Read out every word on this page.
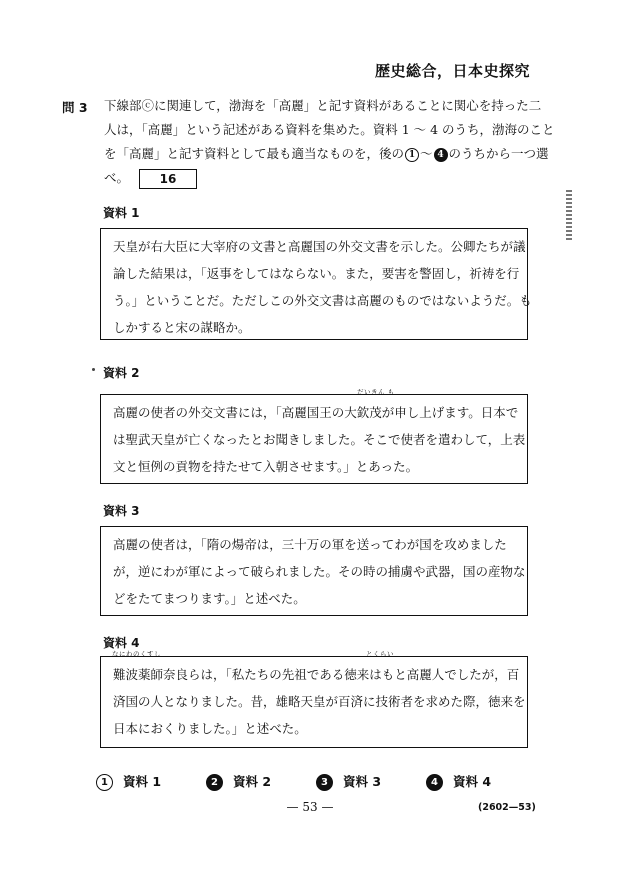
歴史総合，日本史探究
問 3 下線部ⓒに関連して，渤海を「高麗」と記す資料があることに関心を持った二
人は，「高麗」という記述がある資料を集めた。資料 1 〜 4 のうち，渤海のこと
を「高麗」と記す資料として最も適当なものを，後の 1 〜 4 のうちから一つ選
べ。	16
資料 1
天皇が右大臣に大宰府の文書と高麗国の外交文書を示した。公卿たちが議
論した結果は，「返事をしてはならない。また，要害を警固し，祈祷を行
う。」ということだ。ただしこの外交文書は高麗のものではないようだ。も
しかすると宋の謀略か。
資料 2
だいきん も
高麗の使者の外交文書には，「高麗国王の大欽茂が申し上げます。日本で
は聖武天皇が亡くなったとお聞きしました。そこで使者を遣わして，上表
文と恒例の貢物を持たせて入朝させます。」とあった。
資料 3
高麗の使者は，「隋の煬帝は，三十万の軍を送ってわが国を攻めました
が，逆にわが軍によって破られました。その時の捕虜や武器，国の産物な
どをたてまつります。」と述べた。
資料 4
なにわのくすし	とくらい
難波薬師奈良らは，「私たちの先祖である徳来はもと高麗人でしたが，百
済国の人となりました。昔，雄略天皇が百済に技術者を求めた際，徳来を
日本におくりました。」と述べた。
1 資料 1	2 資料 2	3 資料 3	4 資料 4
— 53 —	(2602—53)
